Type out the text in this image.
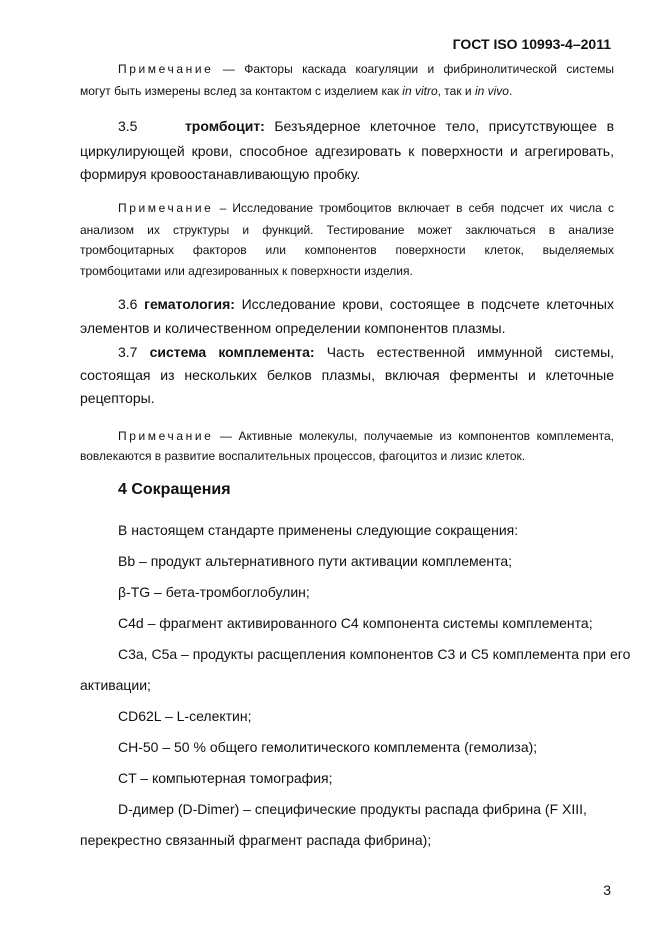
ГОСТ ISO 10993-4–2011

Примечание — Факторы каскада коагуляции и фибринолитической системы

могут быть измерены вслед за контактом с изделием как in vitro, так и in vivo.

3.5	тромбоцит: Безъядерное клеточное тело, присутствующее в

циркулирующей крови, способное адгезировать к поверхности и агрегировать,

формируя кровоостанавливающую пробку.

Примечание – Исследование тромбоцитов включает в себя подсчет их числа с

анализом их структуры и функций. Тестирование может заключаться в анализе

тромбоцитарных факторов или компонентов поверхности клеток, выделяемых

тромбоцитами или адгезированных к поверхности изделия.

3.6 гематология: Исследование крови, состоящее в подсчете клеточных

элементов и количественном определении компонентов плазмы.

3.7 система комплемента: Часть естественной иммунной системы,

состоящая из нескольких белков плазмы, включая ферменты и клеточные

рецепторы.

Примечание — Активные молекулы, получаемые из компонентов комплемента,

вовлекаются в развитие воспалительных процессов, фагоцитоз и лизис клеток.

4 Сокращения

В настоящем стандарте применены следующие сокращения:

Bb – продукт альтернативного пути активации комплемента;

β-TG – бета-тромбоглобулин;

C4d – фрагмент активированного C4 компонента системы комплемента;

C3a, C5a – продукты расщепления компонентов C3 и C5 комплемента при его

активации;

CD62L – L-селектин;

CH-50 – 50 % общего гемолитического комплемента (гемолиза);

CT – компьютерная томография;

D-димер (D-Dimer) – специфические продукты распада фибрина (F XIII,

перекрестно связанный фрагмент распада фибрина);

3
